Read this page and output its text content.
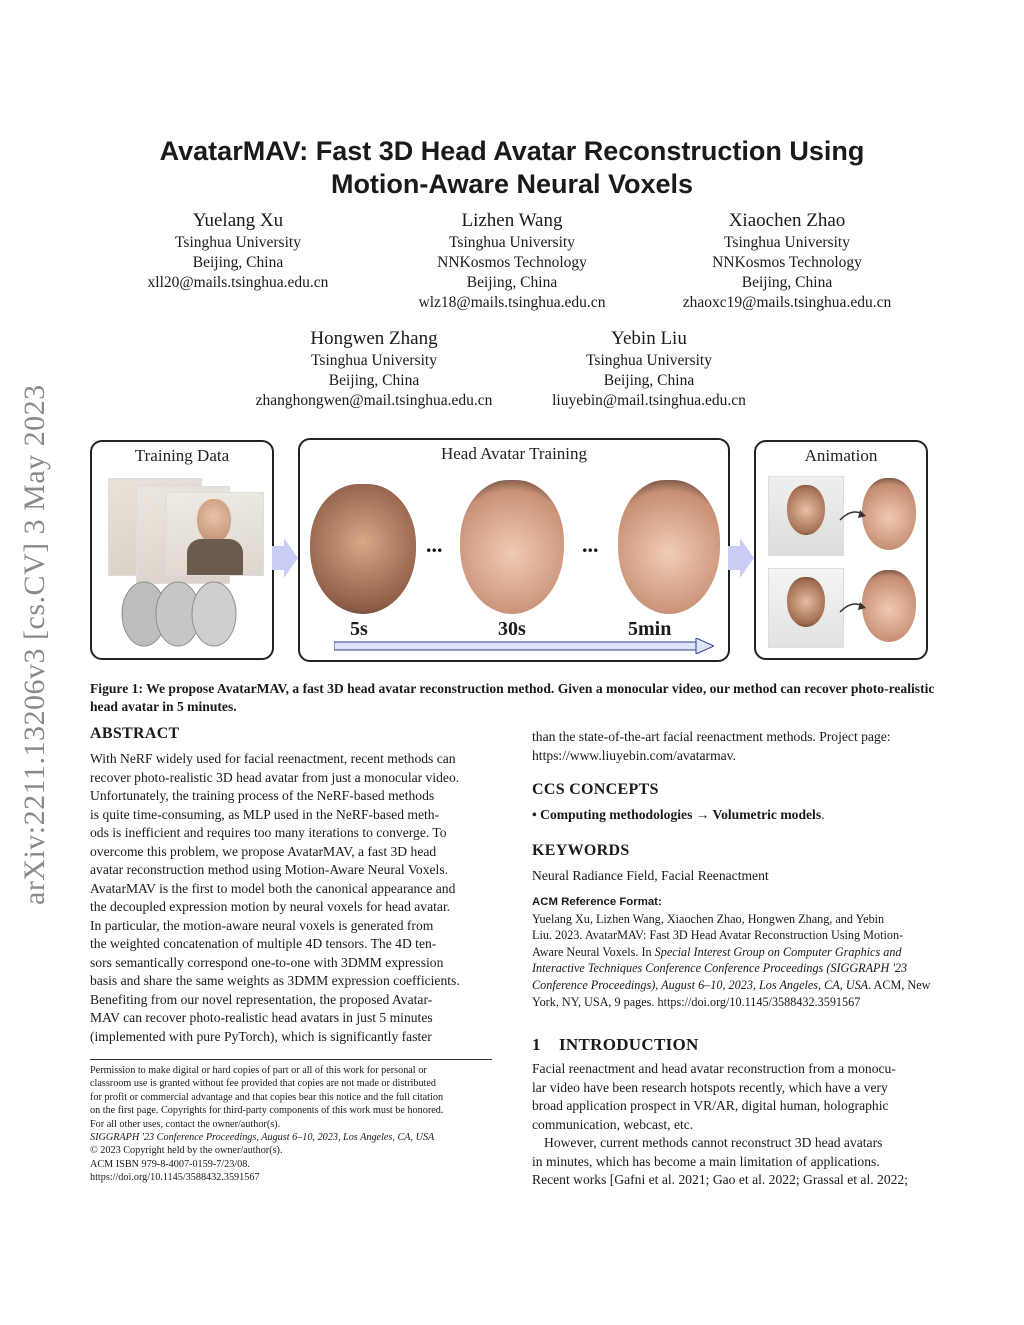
arXiv:2211.13206v3 [cs.CV] 3 May 2023
AvatarMAV: Fast 3D Head Avatar Reconstruction Using
Motion-Aware Neural Voxels
Yuelang Xu
Tsinghua University
Beijing, China
xll20@mails.tsinghua.edu.cn
Lizhen Wang
Tsinghua University
NNKosmos Technology
Beijing, China
wlz18@mails.tsinghua.edu.cn
Xiaochen Zhao
Tsinghua University
NNKosmos Technology
Beijing, China
zhaoxc19@mails.tsinghua.edu.cn
Hongwen Zhang
Tsinghua University
Beijing, China
zhanghongwen@mail.tsinghua.edu.cn
Yebin Liu
Tsinghua University
Beijing, China
liuyebin@mail.tsinghua.edu.cn
Training Data	Head Avatar Training
...	...
5s	30s	5min
Animation
Figure 1: We propose AvatarMAV, a fast 3D head avatar reconstruction method. Given a monocular video, our method can recover photo-realistic head avatar in 5 minutes.
ABSTRACT
With NeRF widely used for facial reenactment, recent methods can
recover photo-realistic 3D head avatar from just a monocular video.
Unfortunately, the training process of the NeRF-based methods
is quite time-consuming, as MLP used in the NeRF-based meth-
ods is inefficient and requires too many iterations to converge. To
overcome this problem, we propose AvatarMAV, a fast 3D head
avatar reconstruction method using Motion-Aware Neural Voxels.
AvatarMAV is the first to model both the canonical appearance and
the decoupled expression motion by neural voxels for head avatar.
In particular, the motion-aware neural voxels is generated from
the weighted concatenation of multiple 4D tensors. The 4D ten-
sors semantically correspond one-to-one with 3DMM expression
basis and share the same weights as 3DMM expression coefficients.
Benefiting from our novel representation, the proposed Avatar-
MAV can recover photo-realistic head avatars in just 5 minutes
(implemented with pure PyTorch), which is significantly faster
Permission to make digital or hard copies of part or all of this work for personal or
classroom use is granted without fee provided that copies are not made or distributed
for profit or commercial advantage and that copies bear this notice and the full citation
on the first page. Copyrights for third-party components of this work must be honored.
For all other uses, contact the owner/author(s).
SIGGRAPH '23 Conference Proceedings, August 6–10, 2023, Los Angeles, CA, USA
© 2023 Copyright held by the owner/author(s).
ACM ISBN 979-8-4007-0159-7/23/08.
https://doi.org/10.1145/3588432.3591567
than the state-of-the-art facial reenactment methods. Project page:
https://www.liuyebin.com/avatarmav.
CCS CONCEPTS
• Computing methodologies → Volumetric models.
KEYWORDS
Neural Radiance Field, Facial Reenactment
ACM Reference Format:
Yuelang Xu, Lizhen Wang, Xiaochen Zhao, Hongwen Zhang, and Yebin
Liu. 2023. AvatarMAV: Fast 3D Head Avatar Reconstruction Using Motion-
Aware Neural Voxels. In Special Interest Group on Computer Graphics and
Interactive Techniques Conference Conference Proceedings (SIGGRAPH '23
Conference Proceedings), August 6–10, 2023, Los Angeles, CA, USA. ACM, New
York, NY, USA, 9 pages. https://doi.org/10.1145/3588432.3591567
1    INTRODUCTION
Facial reenactment and head avatar reconstruction from a monocu-
lar video have been research hotspots recently, which have a very
broad application prospect in VR/AR, digital human, holographic
communication, webcast, etc.
However, current methods cannot reconstruct 3D head avatars
in minutes, which has become a main limitation of applications.
Recent works [Gafni et al. 2021; Gao et al. 2022; Grassal et al. 2022;
